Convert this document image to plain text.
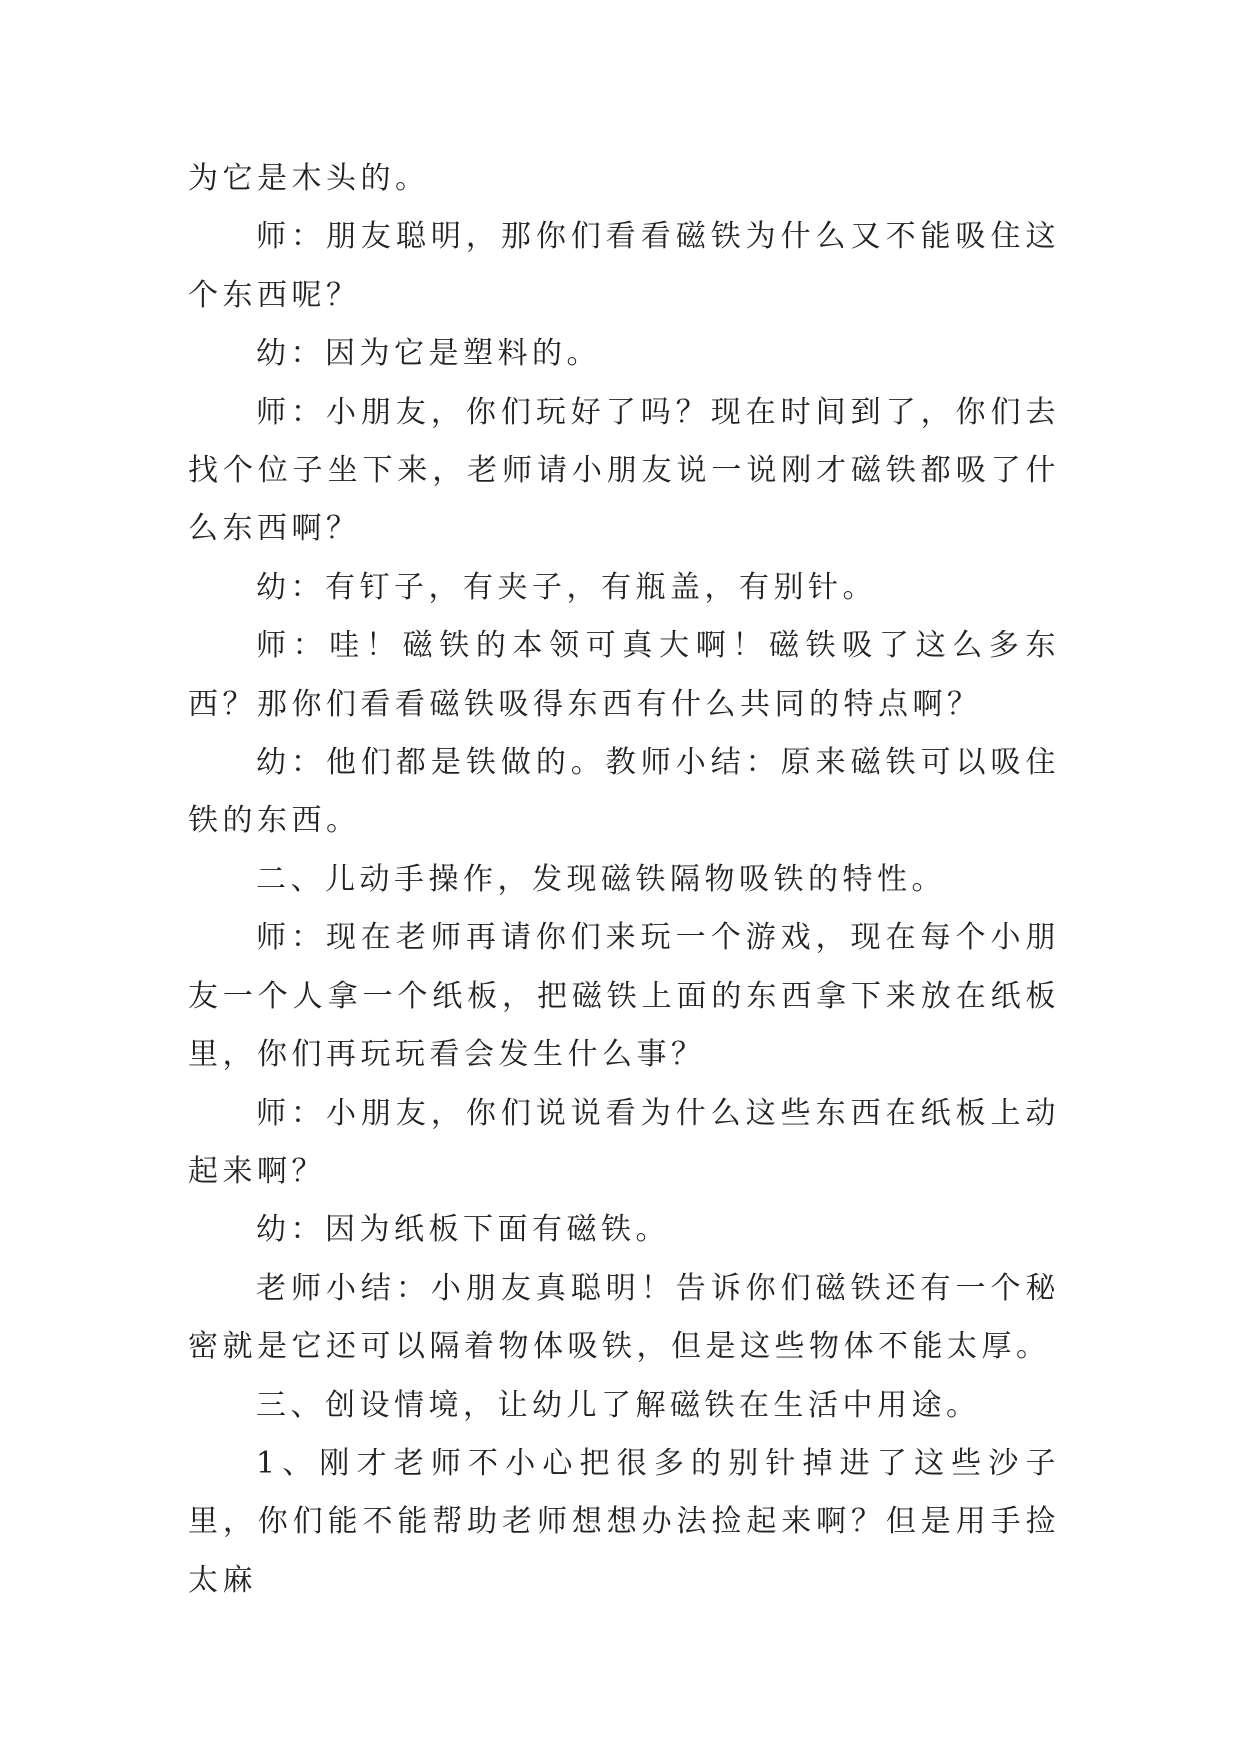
为它是木头的。

师：朋友聪明，那你们看看磁铁为什么又不能吸住这个东西呢？

幼：因为它是塑料的。

师：小朋友，你们玩好了吗？现在时间到了，你们去找个位子坐下来，老师请小朋友说一说刚才磁铁都吸了什么东西啊？

幼：有钉子，有夹子，有瓶盖，有别针。

师：哇！磁铁的本领可真大啊！磁铁吸了这么多东西？那你们看看磁铁吸得东西有什么共同的特点啊？

幼：他们都是铁做的。教师小结：原来磁铁可以吸住铁的东西。

二、儿动手操作，发现磁铁隔物吸铁的特性。

师：现在老师再请你们来玩一个游戏，现在每个小朋友一个人拿一个纸板，把磁铁上面的东西拿下来放在纸板里，你们再玩玩看会发生什么事？

师：小朋友，你们说说看为什么这些东西在纸板上动起来啊？

幼：因为纸板下面有磁铁。

老师小结：小朋友真聪明！告诉你们磁铁还有一个秘密就是它还可以隔着物体吸铁，但是这些物体不能太厚。

三、创设情境，让幼儿了解磁铁在生活中用途。

1、刚才老师不小心把很多的别针掉进了这些沙子里，你们能不能帮助老师想想办法捡起来啊？但是用手捡太麻
